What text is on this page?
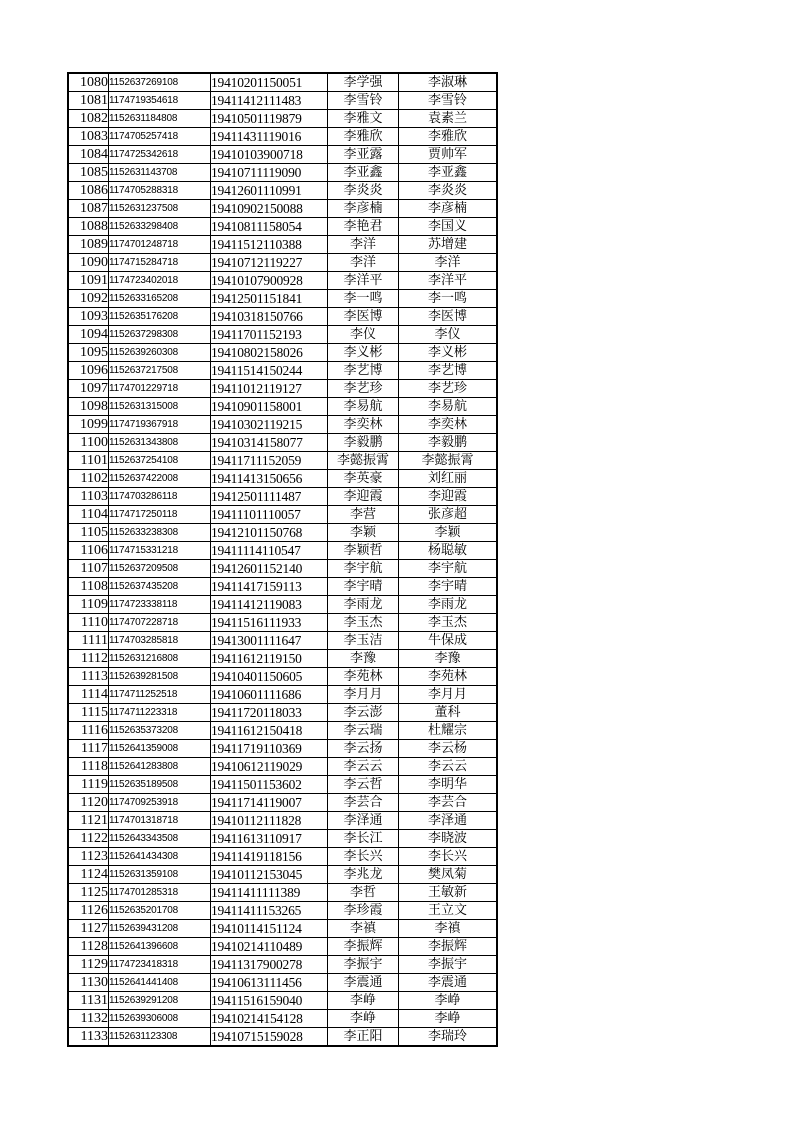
1080	1152637269108	19410201150051	李学强	李淑琳
1081	1174719354618	19411412111483	李雪铃	李雪铃
1082	1152631184808	19410501119879	李雅文	袁素兰
1083	1174705257418	19411431119016	李雅欣	李雅欣
1084	1174725342618	19410103900718	李亚露	贾帅军
1085	1152631143708	19410711119090	李亚鑫	李亚鑫
1086	1174705288318	19412601110991	李炎炎	李炎炎
1087	1152631237508	19410902150088	李彦楠	李彦楠
1088	1152633298408	19410811158054	李艳君	李国义
1089	1174701248718	19411512110388	李洋	苏增建
1090	1174715284718	19410712119227	李洋	李洋
1091	1174723402018	19410107900928	李洋平	李洋平
1092	1152633165208	19412501151841	李一鸣	李一鸣
1093	1152635176208	19410318150766	李医博	李医博
1094	1152637298308	19411701152193	李仪	李仪
1095	1152639260308	19410802158026	李义彬	李义彬
1096	1152637217508	19411514150244	李艺博	李艺博
1097	1174701229718	19411012119127	李艺珍	李艺珍
1098	1152631315008	19410901158001	李易航	李易航
1099	1174719367918	19410302119215	李奕林	李奕林
1100	1152631343808	19410314158077	李毅鹏	李毅鹏
1101	1152637254108	19411711152059	李懿振霄	李懿振霄
1102	1152637422008	19411413150656	李英豪	刘红丽
1103	1174703286118	19412501111487	李迎霞	李迎霞
1104	1174717250118	19411101110057	李营	张彦超
1105	1152633238308	19412101150768	李颖	李颖
1106	1174715331218	19411114110547	李颖哲	杨聪敏
1107	1152637209508	19412601152140	李宇航	李宇航
1108	1152637435208	19411417159113	李宇晴	李宇晴
1109	1174723338118	19411412119083	李雨龙	李雨龙
1110	1174707228718	19411516111933	李玉杰	李玉杰
1111	1174703285818	19413001111647	李玉洁	牛保成
1112	1152631216808	19411612119150	李豫	李豫
1113	1152639281508	19410401150605	李苑林	李苑林
1114	1174711252518	19410601111686	李月月	李月月
1115	1174711223318	19411720118033	李云澎	董科
1116	1152635373208	19411612150418	李云瑞	杜耀宗
1117	1152641359008	19411719110369	李云扬	李云杨
1118	1152641283808	19410612119029	李云云	李云云
1119	1152635189508	19411501153602	李云哲	李明华
1120	1174709253918	19411714119007	李芸合	李芸合
1121	1174701318718	19410112111828	李泽通	李泽通
1122	1152643343508	19411613110917	李长江	李晓波
1123	1152641434308	19411419118156	李长兴	李长兴
1124	1152631359108	19410112153045	李兆龙	樊凤菊
1125	1174701285318	19411411111389	李哲	王敏新
1126	1152635201708	19411411153265	李珍霞	王立文
1127	1152639431208	19410114151124	李禛	李禛
1128	1152641396608	19410214110489	李振辉	李振辉
1129	1174723418318	19411317900278	李振宇	李振宇
1130	1152641441408	19410613111456	李震通	李震通
1131	1152639291208	19411516159040	李峥	李峥
1132	1152639306008	19410214154128	李峥	李峥
1133	1152631123308	19410715159028	李正阳	李瑞玲
